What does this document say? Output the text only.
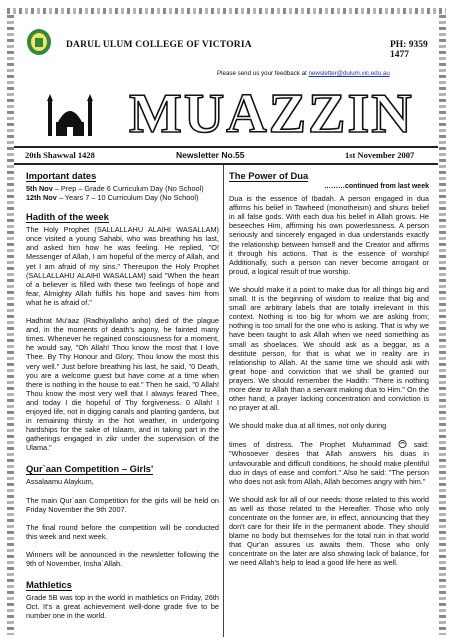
DARUL ULUM COLLEGE OF VICTORIA	PH: 9359 1477
Please send us your feedback at newsletter@dulum.vic.edu.au
MUAZZIN
20th Shawwal 1428	Newsletter No.55	1st November 2007
Important dates
5th Nov – Prep – Grade 6 Curriculum Day (No School)
12th Nov – Years 7 – 10 Curriculum Day (No School)
Hadith of the week

The Holy Prophet (SALLALLAHU ALAIHI WASALLAM) once visited a young Sahabi, who was breathing his last, and asked him how he was feeling. He replied, "O! Messenger of Allah, I am hopeful of the mercy of Allah, and yet I am afraid of my sins." Thereupon the Holy Prophet (SALLALLAHU ALAIHI WASALLAM) said "When the heart of a believer is filled with these two feelings of hope and fear, Almighty Allah fulfils his hope and saves him from what he is afraid of."

Hadhrat Mu'aaz (Radhiyallaho anho) died of the plague and, in the moments of death's agony, he fainted many times. Whenever he regained consciousness for a moment, he would say, "Oh Allah! Thou know the most that I love Thee. By Thy Honour and Glory, Thou know the most this very well." Just before breathing his last, he said, "0 Death, you are a welcome guest but have come at a time when there is nothing in the house to eat." Then he said, "0 Allah! Thou know the most very well that I always feared Thee, and today I die hopeful of Thy forgiveness. 0 Allah! I enjoyed life, not in digging canals and planting gardens, but in remaining thirsty in the hot weather, in undergoing hardships for the sake of Islaam, and in taking part in the gatherings engaged in zikr under the supervision of the Ulama."

Qur`aan Competition – Girls'

Assalaamu Alaykum,

The main Qur`aan Competition for the girls will be held on Friday November the 9th 2007.

The final round before the competition will be conducted this week and next week.

Winners will be announced in the newsletter following the 9th of November, Insha`Allah.

Mathletics

Grade 5B was top in the world in mathletics on Friday, 26th Oct. It's a great achievement well-done grade five to be number one in the world.

The Power of Dua
………continued from last week

Dua is the essence of Ibadah. A person engaged in dua affirms his belief in Tawheed (monotheism) and shuns belief in all false gods. With each dua his belief in Allah grows. He beseeches Him, affirming his own powerlessness. A person seriously and sincerely engaged in dua understands exactly the relationship between himself and the Creator and affirms it through his actions. That is the essence of worship! Additionally, such a person can never become arrogant or proud, a logical result of true worship.

We should make it a point to make dua for all things big and small. It is the beginning of wisdom to realize that big and small are arbitrary labels that are totally irrelevant in this context. Nothing is too big for whom we are asking from; nothing is too small for the one who is asking. That is why we have been taught to ask Allah when we need something as small as shoelaces. We should ask as a beggar, as a destitute person, for that is what we in reality are in relationship to Allah. At the same time we should ask with great hope and conviction that we shall be granted our prayers. We should remember the Hadith: "There is nothing more dear to Allah than a servant making dua to Him." On the other hand, a prayer lacking concentration and conviction is no prayer at all.

We should make dua at all times, not only during

times of distress. The Prophet Muhammad  said: "Whosoever desires that Allah answers his duas in unfavourable and difficult conditions, he should make plentiful duo in days of ease and comfort." Also he said: "The person who does not ask from Allah, Allah becomes angry with him."

We should ask for all of our needs: those related to this world as well as those related to the Hereafter. Those who only concentrate on the former are, in effect, announcing that they don't care for their life in the permanent abode. They should blame no body but themselves for the total ruin in that world that Qur'an assures us awaits them. Those who only concentrate on the later are also showing lack of balance, for we need Allah's help to lead a good life here as well.
